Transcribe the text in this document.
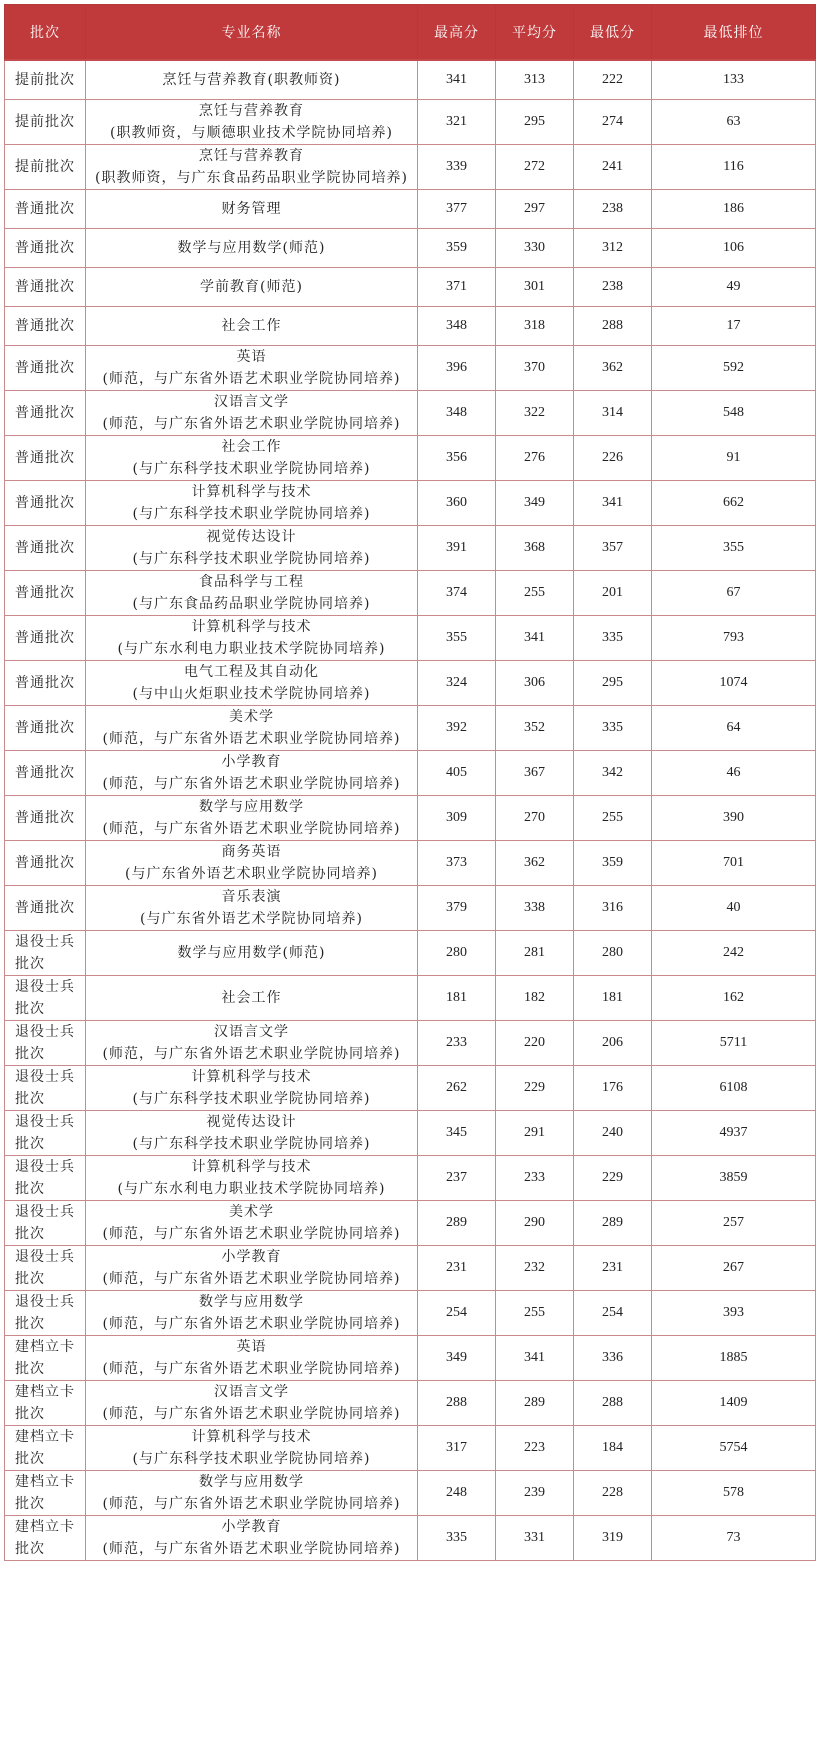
批次	专业名称	最高分	平均分	最低分	最低排位

提前批次	烹饪与营养教育(职教师资)	341	313	222	133

提前批次	烹饪与营养教育
(职教师资，与顺德职业技术学院协同培养)	321	295	274	63

提前批次	烹饪与营养教育
(职教师资，与广东食品药品职业学院协同培养)	339	272	241	116

普通批次	财务管理	377	297	238	186

普通批次	数学与应用数学(师范)	359	330	312	106

普通批次	学前教育(师范)	371	301	238	49

普通批次	社会工作	348	318	288	17

普通批次	英语
(师范，与广东省外语艺术职业学院协同培养)	396	370	362	592

普通批次	汉语言文学
(师范，与广东省外语艺术职业学院协同培养)	348	322	314	548

普通批次	社会工作
(与广东科学技术职业学院协同培养)	356	276	226	91

普通批次	计算机科学与技术
(与广东科学技术职业学院协同培养)	360	349	341	662

普通批次	视觉传达设计
(与广东科学技术职业学院协同培养)	391	368	357	355

普通批次	食品科学与工程
(与广东食品药品职业学院协同培养)	374	255	201	67

普通批次	计算机科学与技术
(与广东水利电力职业技术学院协同培养)	355	341	335	793

普通批次	电气工程及其自动化
(与中山火炬职业技术学院协同培养)	324	306	295	1074

普通批次	美术学
(师范，与广东省外语艺术职业学院协同培养)	392	352	335	64

普通批次	小学教育
(师范，与广东省外语艺术职业学院协同培养)	405	367	342	46

普通批次	数学与应用数学
(师范，与广东省外语艺术职业学院协同培养)	309	270	255	390

普通批次	商务英语
(与广东省外语艺术职业学院协同培养)	373	362	359	701

普通批次	音乐表演
(与广东省外语艺术学院协同培养)	379	338	316	40

退役士兵
批次	数学与应用数学(师范)	280	281	280	242

退役士兵
批次	社会工作	181	182	181	162

退役士兵
批次	汉语言文学
(师范，与广东省外语艺术职业学院协同培养)	233	220	206	5711

退役士兵
批次	计算机科学与技术
(与广东科学技术职业学院协同培养)	262	229	176	6108

退役士兵
批次	视觉传达设计
(与广东科学技术职业学院协同培养)	345	291	240	4937

退役士兵
批次	计算机科学与技术
(与广东水利电力职业技术学院协同培养)	237	233	229	3859

退役士兵
批次	美术学
(师范，与广东省外语艺术职业学院协同培养)	289	290	289	257

退役士兵
批次	小学教育
(师范，与广东省外语艺术职业学院协同培养)	231	232	231	267

退役士兵
批次	数学与应用数学
(师范，与广东省外语艺术职业学院协同培养)	254	255	254	393

建档立卡
批次	英语
(师范，与广东省外语艺术职业学院协同培养)	349	341	336	1885

建档立卡
批次	汉语言文学
(师范，与广东省外语艺术职业学院协同培养)	288	289	288	1409

建档立卡
批次	计算机科学与技术
(与广东科学技术职业学院协同培养)	317	223	184	5754

建档立卡
批次	数学与应用数学
(师范，与广东省外语艺术职业学院协同培养)	248	239	228	578

建档立卡
批次	小学教育
(师范，与广东省外语艺术职业学院协同培养)	335	331	319	73
